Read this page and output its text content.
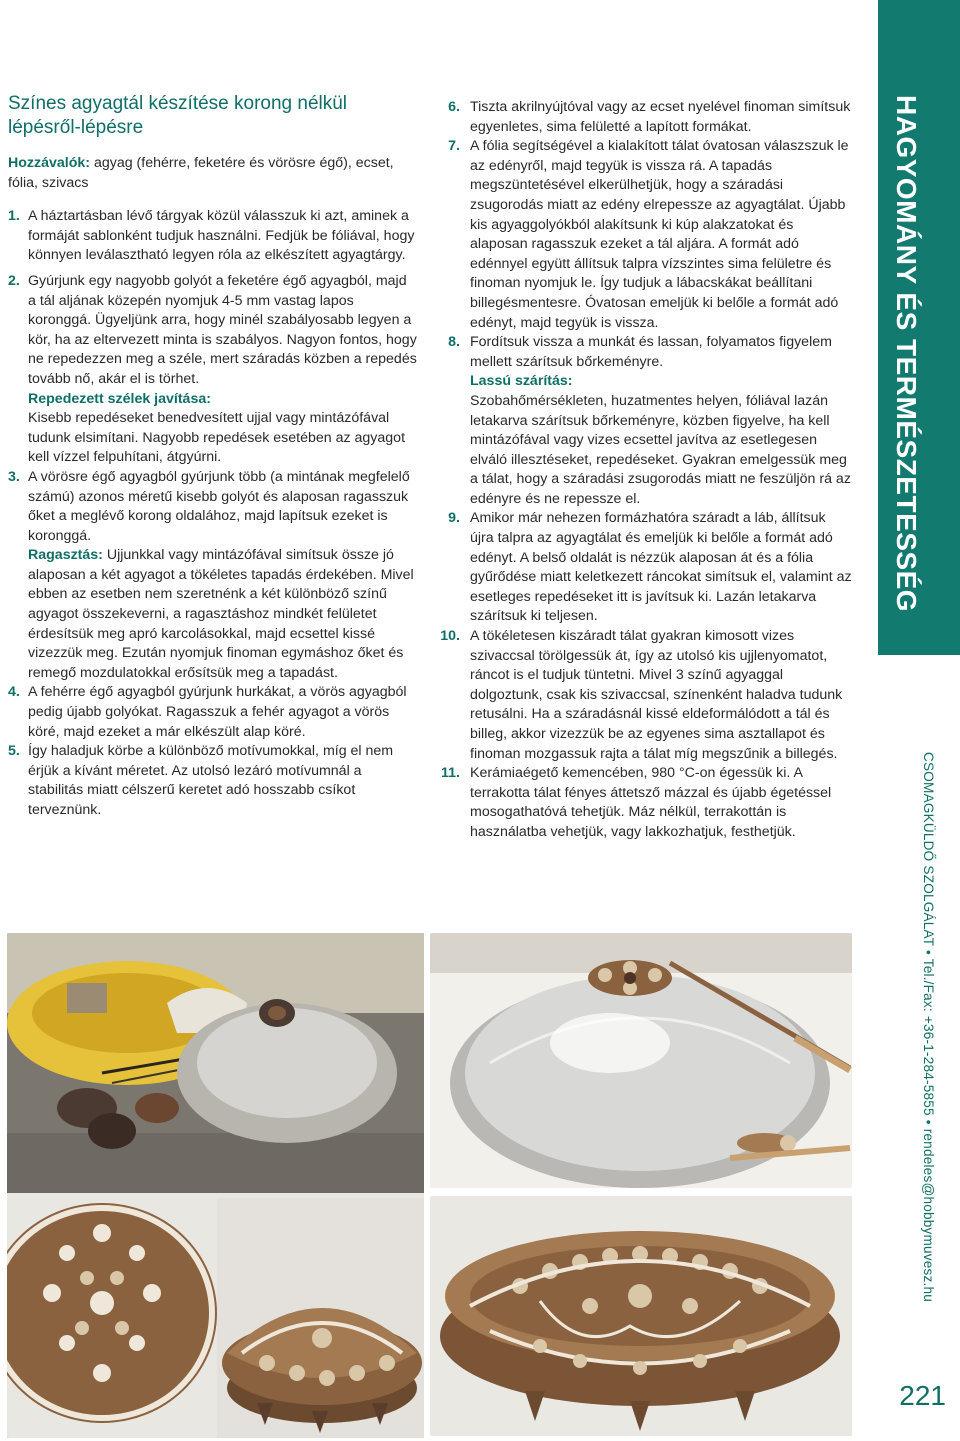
HAGYOMÁNY ÉS TERMÉSZETESSÉG
CSOMAGKÜLDŐ SZOLGÁLAT • Tel./Fax: +36-1-284-5855 • rendeles@hobbymuvesz.hu
221
Színes agyagtál készítése korong nélkül lépésről-lépésre

Hozzávalók: agyag (fehérre, feketére és vörösre égő), ecset, fólia, szivacs

1. A háztartásban lévő tárgyak közül válasszuk ki azt, aminek a formáját sablonként tudjuk használni. Fedjük be fóliával, hogy könnyen leválasztható legyen róla az elkészített agyagtárgy.

2. Gyúrjunk egy nagyobb golyót a feketére égő agyagból, majd a tál aljának közepén nyomjuk 4-5 mm vastag lapos koronggá. Ügyeljünk arra, hogy minél szabályosabb legyen a kör, ha az eltervezett minta is szabályos. Nagyon fontos, hogy ne repedezzen meg a széle, mert száradás közben a repedés tovább nő, akár el is törhet.
Repedezett szélek javítása:
Kisebb repedéseket benedvesített ujjal vagy mintázófával tudunk elsimítani. Nagyobb repedések esetében az agyagot kell vízzel felpuhítani, átgyúrni.

3. A vörösre égő agyagból gyúrjunk több (a mintának megfelelő számú) azonos méretű kisebb golyót és alaposan ragasszuk őket a meglévő korong oldalához, majd lapítsuk ezeket is koronggá.
Ragasztás: Ujjunkkal vagy mintázófával simítsuk össze jó alaposan a két agyagot a tökéletes tapadás érdekében. Mivel ebben az esetben nem szeretnénk a két különböző színű agyagot összekeverni, a ragasztáshoz mindkét felületet érdesítsük meg apró karcolásokkal, majd ecsettel kissé vizezzük meg. Ezután nyomjuk finoman egymáshoz őket és remegő mozdulatokkal erősítsük meg a tapadást.

4. A fehérre égő agyagból gyúrjunk hurkákat, a vörös agyagból pedig újabb golyókat. Ragasszuk a fehér agyagot a vörös köré, majd ezeket a már elkészült alap köré.

5. Így haladjuk körbe a különböző motívumokkal, míg el nem érjük a kívánt méretet. Az utolsó lezáró motívumnál a stabilitás miatt célszerű keretet adó hosszabb csíkot terveznünk.

6. Tiszta akrilnyújtóval vagy az ecset nyelével finoman simítsuk egyenletes, sima felületté a lapított formákat.

7. A fólia segítségével a kialakított tálat óvatosan válaszszuk le az edényről, majd tegyük is vissza rá. A tapadás megszüntetésével elkerülhetjük, hogy a száradási zsugorodás miatt az edény elrepessze az agyagtálat. Újabb kis agyaggolyókból alakítsunk ki kúp alakzatokat és alaposan ragasszuk ezeket a tál aljára. A formát adó edénnyel együtt állítsuk talpra vízszintes sima felületre és finoman nyomjuk le. Így tudjuk a lábacskákat beállítani billegésmentesre. Óvatosan emeljük ki belőle a formát adó edényt, majd tegyük is vissza.

8. Fordítsuk vissza a munkát és lassan, folyamatos figyelem mellett szárítsuk bőrkeményre.
Lassú szárítás:
Szobahőmérsékleten, huzatmentes helyen, fóliával lazán letakarva szárítsuk bőrkeményre, közben figyelve, ha kell mintázófával vagy vizes ecsettel javítva az esetlegesen elváló illesztéseket, repedéseket. Gyakran emelgessük meg a tálat, hogy a száradási zsugorodás miatt ne feszüljön rá az edényre és ne repessze el.

9. Amikor már nehezen formázhatóra száradt a láb, állítsuk újra talpra az agyagtálat és emeljük ki belőle a formát adó edényt. A belső oldalát is nézzük alaposan át és a fólia gyűrődése miatt keletkezett ráncokat simítsuk el, valamint az esetleges repedéseket itt is javítsuk ki. Lazán letakarva szárítsuk ki teljesen.

10. A tökéletesen kiszáradt tálat gyakran kimosott vizes szivaccsal törölgessük át, így az utolsó kis ujjlenyomatot, ráncot is el tudjuk tüntetni. Mivel 3 színű agyaggal dolgoztunk, csak kis szivaccsal, színenként haladva tudunk retusálni. Ha a száradásnál kissé eldeformálódott a tál és billeg, akkor vizezzük be az egyenes sima asztallapot és finoman mozgassuk rajta a tálat míg megszűnik a billegés.

11. Kerámiaégető kemencében, 980 °C-on égessük ki. A terrakotta tálat fényes áttetsző mázzal és újabb égetéssel mosogathatóvá tehetjük. Máz nélkül, terrakottán is használatba vehetjük, vagy lakkozhatjuk, festhetjük.
